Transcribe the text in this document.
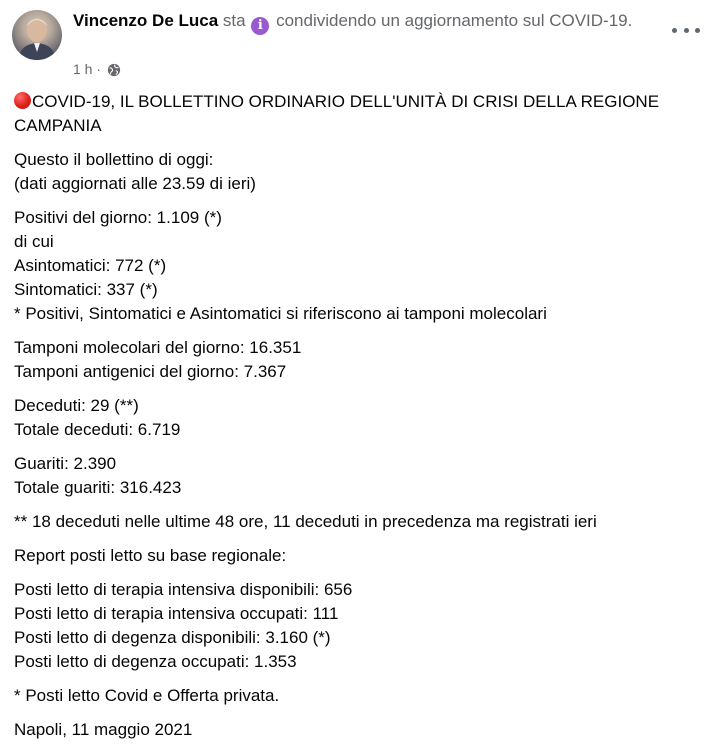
Vincenzo De Luca sta i condividendo un aggiornamento sul COVID-19.
1 h ·

COVID-19, IL BOLLETTINO ORDINARIO DELL'UNITÀ DI CRISI DELLA REGIONE CAMPANIA

Questo il bollettino di oggi:
(dati aggiornati alle 23.59 di ieri)

Positivi del giorno: 1.109 (*)
di cui
Asintomatici: 772 (*)
Sintomatici: 337 (*)
* Positivi, Sintomatici e Asintomatici si riferiscono ai tamponi molecolari

Tamponi molecolari del giorno: 16.351
Tamponi antigenici del giorno: 7.367

Deceduti: 29 (**)
Totale deceduti: 6.719

Guariti: 2.390
Totale guariti: 316.423

** 18 deceduti nelle ultime 48 ore, 11 deceduti in precedenza ma registrati ieri

Report posti letto su base regionale:

Posti letto di terapia intensiva disponibili: 656
Posti letto di terapia intensiva occupati: 111
Posti letto di degenza disponibili: 3.160 (*)
Posti letto di degenza occupati: 1.353

* Posti letto Covid e Offerta privata.

Napoli, 11 maggio 2021
